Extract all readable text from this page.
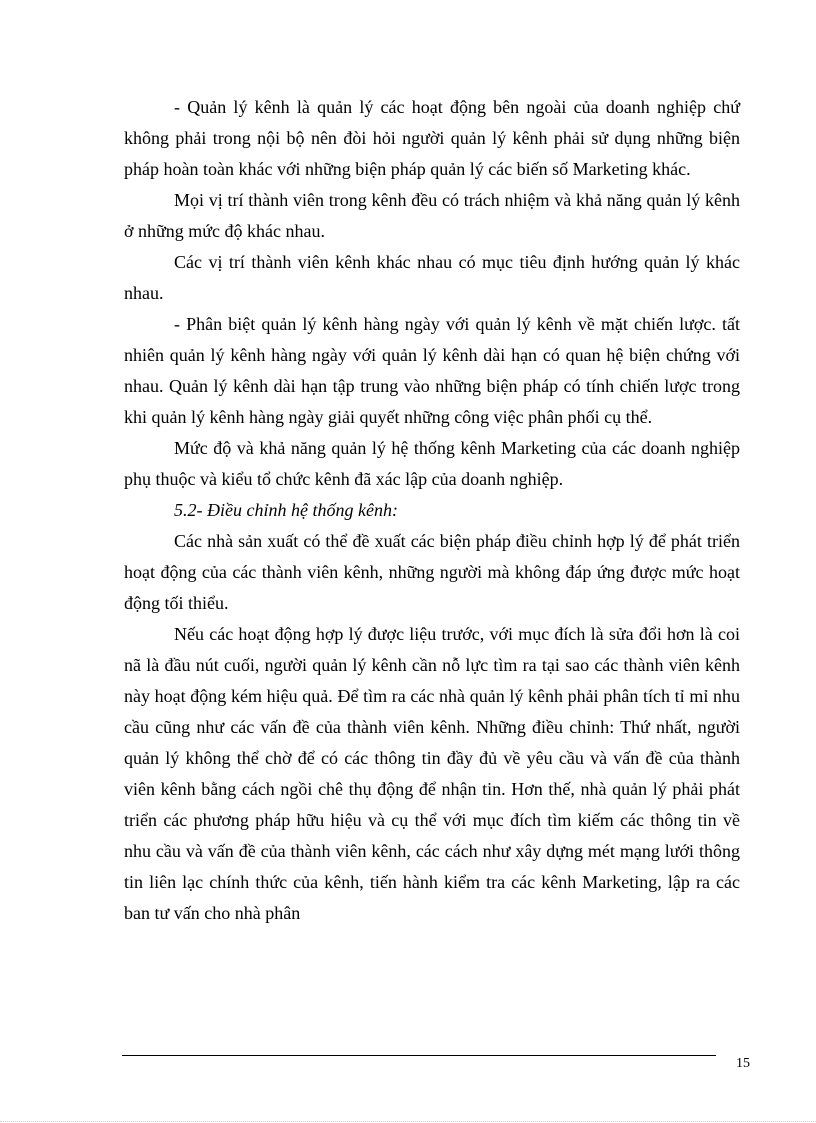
- Quản lý kênh là quản lý các hoạt động bên ngoài của doanh nghiệp chứ không phải trong nội bộ nên đòi hỏi người quản lý kênh phải sử dụng những biện pháp hoàn toàn khác với những biện pháp quản lý các biến số Marketing khác.

Mọi vị trí thành viên trong kênh đều có trách nhiệm và khả năng quản lý kênh ở những mức độ khác nhau.

Các vị trí thành viên kênh khác nhau có mục tiêu định hướng quản lý khác nhau.

- Phân biệt quản lý kênh hàng ngày với quản lý kênh về mặt chiến lược. tất nhiên quản lý kênh hàng ngày với quản lý kênh dài hạn có quan hệ biện chứng với nhau. Quản lý kênh dài hạn tập trung vào những biện pháp có tính chiến lược trong khi quản lý kênh hàng ngày giải quyết những công việc phân phối cụ thể.

Mức độ và khả năng quản lý hệ thống kênh Marketing của các doanh nghiệp phụ thuộc và kiểu tổ chức kênh đã xác lập của doanh nghiệp.

5.2- Điều chỉnh hệ thống kênh:

Các nhà sản xuất có thể đề xuất các biện pháp điều chỉnh hợp lý để phát triển hoạt động của các thành viên kênh, những người mà không đáp ứng được mức hoạt động tối thiểu.

Nếu các hoạt động hợp lý được liệu trước, với mục đích là sửa đổi hơn là coi nã là đầu nút cuối, người quản lý kênh cần nỗ lực tìm ra tại sao các thành viên kênh này hoạt động kém hiệu quả. Để tìm ra các nhà quản lý kênh phải phân tích tỉ mỉ nhu cầu cũng như các vấn đề của thành viên kênh. Những điều chỉnh: Thứ nhất, người quản lý không thể chờ để có các thông tin đầy đủ về yêu cầu và vấn đề của thành viên kênh bằng cách ngồi chê thụ động để nhận tin. Hơn thế, nhà quản lý phải phát triển các phương pháp hữu hiệu và cụ thể với mục đích tìm kiếm các thông tin về nhu cầu và vấn đề của thành viên kênh, các cách như xây dựng mét mạng lưới thông tin liên lạc chính thức của kênh, tiến hành kiểm tra các kênh Marketing, lập ra các ban tư vấn cho nhà phân

15
